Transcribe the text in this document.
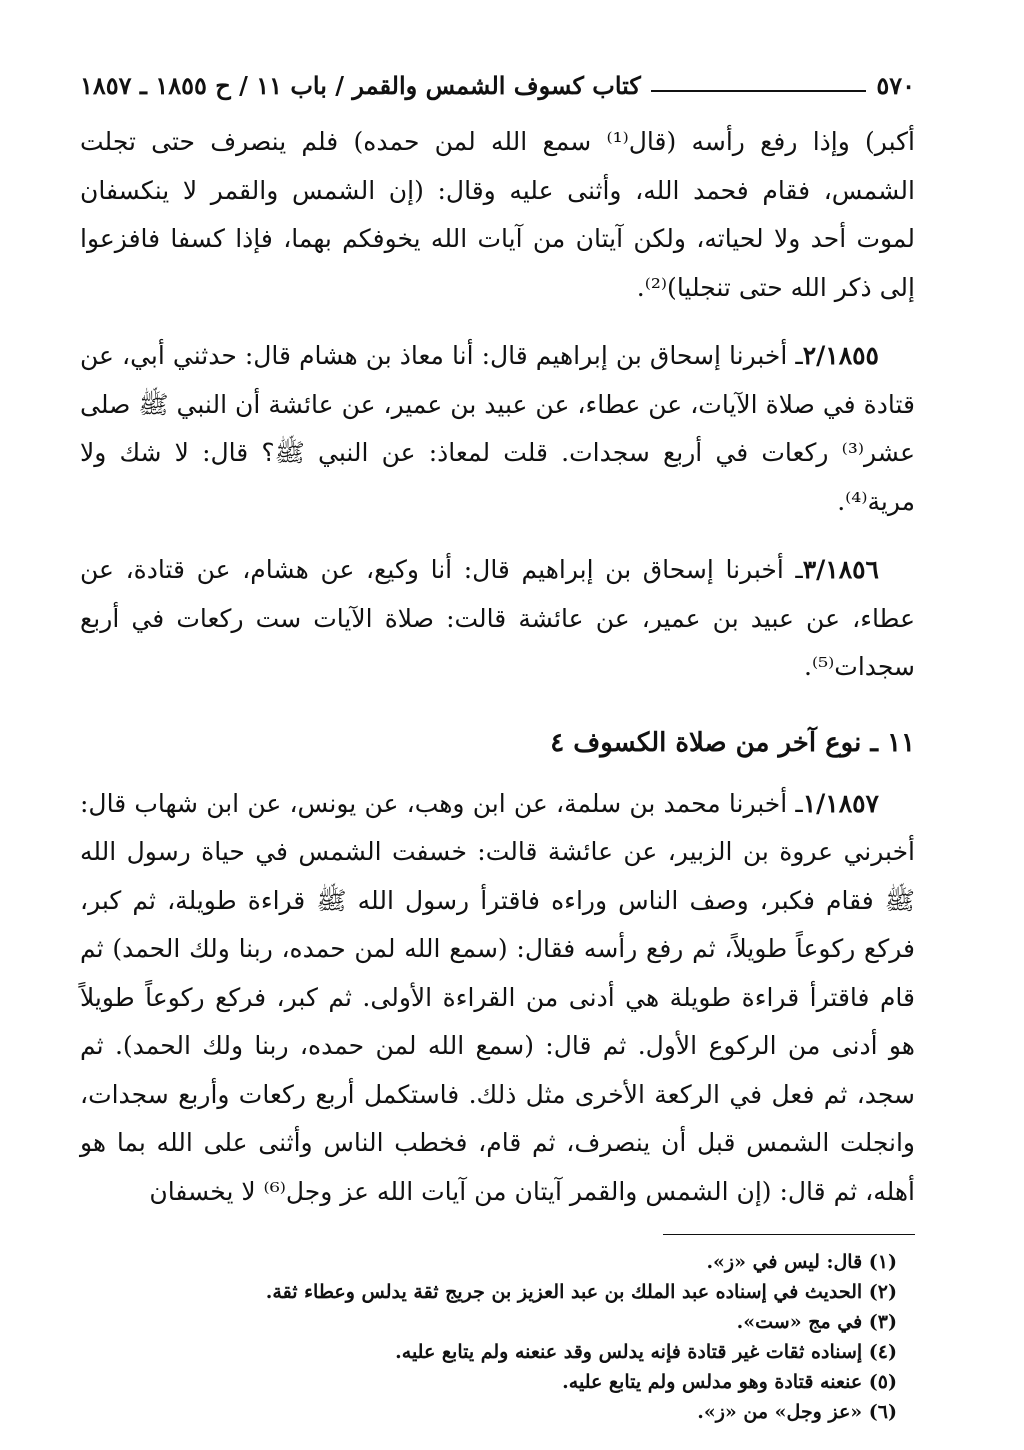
٥٧٠
كتاب كسوف الشمس والقمر / باب ١١ / ح ١٨٥٥ ـ ١٨٥٧

أكبر) وإذا رفع رأسه (قال⁽¹⁾ سمع الله لمن حمده) فلم ينصرف حتى تجلت الشمس، فقام فحمد الله، وأثنى عليه وقال: (إن الشمس والقمر لا ينكسفان لموت أحد ولا لحياته، ولكن آيتان من آيات الله يخوفكم بهما، فإذا كسفا فافزعوا إلى ذكر الله حتى تنجليا)⁽²⁾.

٢/١٨٥٥ـ أخبرنا إسحاق بن إبراهيم قال: أنا معاذ بن هشام قال: حدثني أبي، عن قتادة في صلاة الآيات، عن عطاء، عن عبيد بن عمير، عن عائشة أن النبي ﷺ صلى عشر⁽³⁾ ركعات في أربع سجدات. قلت لمعاذ: عن النبي ﷺ؟ قال: لا شك ولا مرية⁽⁴⁾.

٣/١٨٥٦ـ أخبرنا إسحاق بن إبراهيم قال: أنا وكيع، عن هشام، عن قتادة، عن عطاء، عن عبيد بن عمير، عن عائشة قالت: صلاة الآيات ست ركعات في أربع سجدات⁽⁵⁾.

١١ ـ نوع آخر من صلاة الكسوف ٤

١/١٨٥٧ـ أخبرنا محمد بن سلمة، عن ابن وهب، عن يونس، عن ابن شهاب قال: أخبرني عروة بن الزبير، عن عائشة قالت: خسفت الشمس في حياة رسول الله ﷺ فقام فكبر، وصف الناس وراءه فاقترأ رسول الله ﷺ قراءة طويلة، ثم كبر، فركع ركوعاً طويلاً، ثم رفع رأسه فقال: (سمع الله لمن حمده، ربنا ولك الحمد) ثم قام فاقترأ قراءة طويلة هي أدنى من القراءة الأولى. ثم كبر، فركع ركوعاً طويلاً هو أدنى من الركوع الأول. ثم قال: (سمع الله لمن حمده، ربنا ولك الحمد). ثم سجد، ثم فعل في الركعة الأخرى مثل ذلك. فاستكمل أربع ركعات وأربع سجدات، وانجلت الشمس قبل أن ينصرف، ثم قام، فخطب الناس وأثنى على الله بما هو أهله، ثم قال: (إن الشمس والقمر آيتان من آيات الله عز وجل⁽⁶⁾ لا يخسفان

(١) قال: ليس في «ز».

(٢) الحديث في إسناده عبد الملك بن عبد العزيز بن جريج ثقة يدلس وعطاء ثقة.

(٣) في مج «ست».

(٤) إسناده ثقات غير قتادة فإنه يدلس وقد عنعنه ولم يتابع عليه.

(٥) عنعنه قتادة وهو مدلس ولم يتابع عليه.

(٦) «عز وجل» من «ز».
